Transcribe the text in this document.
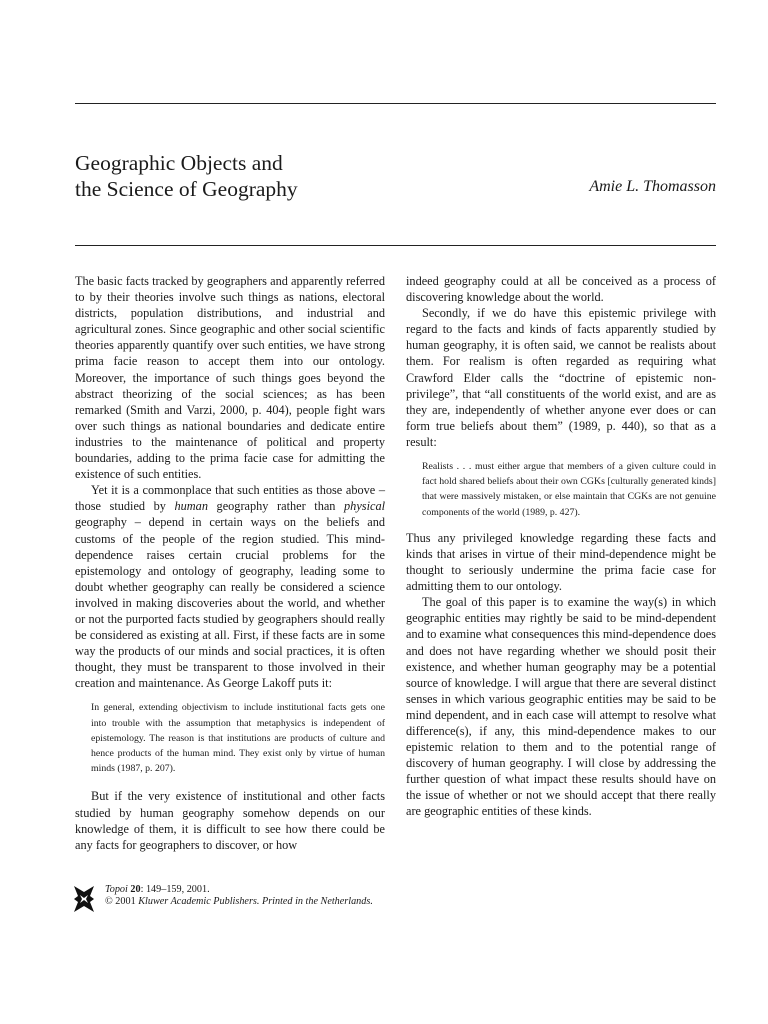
Geographic Objects and
the Science of Geography	Amie L. Thomasson

The basic facts tracked by geographers and apparently referred to by their theories involve such things as nations, electoral districts, population distributions, and industrial and agricultural zones. Since geographic and other social scientific theories apparently quantify over such entities, we have strong prima facie reason to accept them into our ontology. Moreover, the importance of such things goes beyond the abstract theorizing of the social sciences; as has been remarked (Smith and Varzi, 2000, p. 404), people fight wars over such things as national boundaries and dedicate entire industries to the maintenance of political and property boundaries, adding to the prima facie case for admitting the existence of such entities.

Yet it is a commonplace that such entities as those above – those studied by human geography rather than physical geography – depend in certain ways on the beliefs and customs of the people of the region studied. This mind-dependence raises certain crucial problems for the epistemology and ontology of geography, leading some to doubt whether geography can really be considered a science involved in making discoveries about the world, and whether or not the purported facts studied by geographers should really be considered as existing at all. First, if these facts are in some way the products of our minds and social practices, it is often thought, they must be transparent to those involved in their creation and maintenance. As George Lakoff puts it:

In general, extending objectivism to include institutional facts gets one into trouble with the assumption that metaphysics is independent of epistemology. The reason is that institutions are products of culture and hence products of the human mind. They exist only by virtue of human minds (1987, p. 207).

But if the very existence of institutional and other facts studied by human geography somehow depends on our knowledge of them, it is difficult to see how there could be any facts for geographers to discover, or how

indeed geography could at all be conceived as a process of discovering knowledge about the world.

Secondly, if we do have this epistemic privilege with regard to the facts and kinds of facts apparently studied by human geography, it is often said, we cannot be realists about them. For realism is often regarded as requiring what Crawford Elder calls the “doctrine of epistemic non-privilege”, that “all constituents of the world exist, and are as they are, independently of whether anyone ever does or can form true beliefs about them” (1989, p. 440), so that as a result:

Realists . . . must either argue that members of a given culture could in fact hold shared beliefs about their own CGKs [culturally generated kinds] that were massively mistaken, or else maintain that CGKs are not genuine components of the world (1989, p. 427).

Thus any privileged knowledge regarding these facts and kinds that arises in virtue of their mind-dependence might be thought to seriously undermine the prima facie case for admitting them to our ontology.

The goal of this paper is to examine the way(s) in which geographic entities may rightly be said to be mind-dependent and to examine what consequences this mind-dependence does and does not have regarding whether we should posit their existence, and whether human geography may be a potential source of knowledge. I will argue that there are several distinct senses in which various geographic entities may be said to be mind dependent, and in each case will attempt to resolve what difference(s), if any, this mind-dependence makes to our epistemic relation to them and to the potential range of discovery of human geography. I will close by addressing the further question of what impact these results should have on the issue of whether or not we should accept that there really are geographic entities of these kinds.

Topoi 20: 149–159, 2001.
© 2001 Kluwer Academic Publishers. Printed in the Netherlands.
